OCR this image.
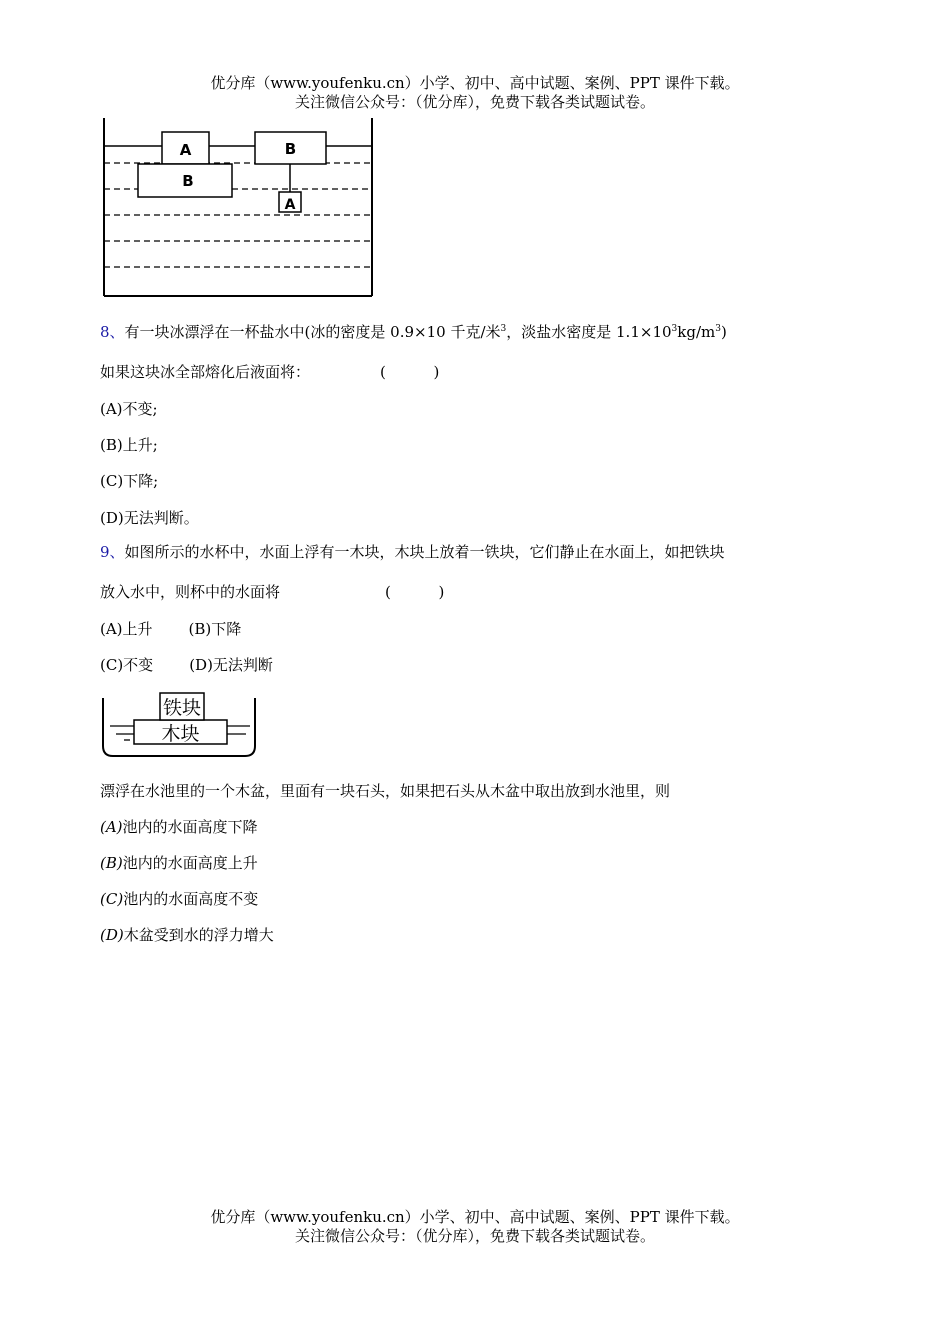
优分库（www.youfenku.cn）小学、初中、高中试题、案例、PPT 课件下载。
关注微信公众号：（优分库），免费下载各类试题试卷。
A
B
B
A
8、有一块冰漂浮在一杯盐水中(冰的密度是 0.9×10 千克/米$^3$，淡盐水密度是 $1.1\times 10^3kg/m^3$)
如果这块冰全部熔化后液面将：	(          )
(A)不变;
(B)上升;
(C)下降;
(D)无法判断。
9、如图所示的水杯中，水面上浮有一木块，木块上放着一铁块，它们静止在水面上，如把铁块
放入水中，则杯中的水面将	(          )
(A)上升 (B)下降
(C)不变 (D)无法判断
木块
铁块
漂浮在水池里的一个木盆，里面有一块石头，如果把石头从木盆中取出放到水池里，则
(A)池内的水面高度下降
(B)池内的水面高度上升
(C)池内的水面高度不变
(D)木盆受到水的浮力增大
优分库（www.youfenku.cn）小学、初中、高中试题、案例、PPT 课件下载。
关注微信公众号：（优分库），免费下载各类试题试卷。
